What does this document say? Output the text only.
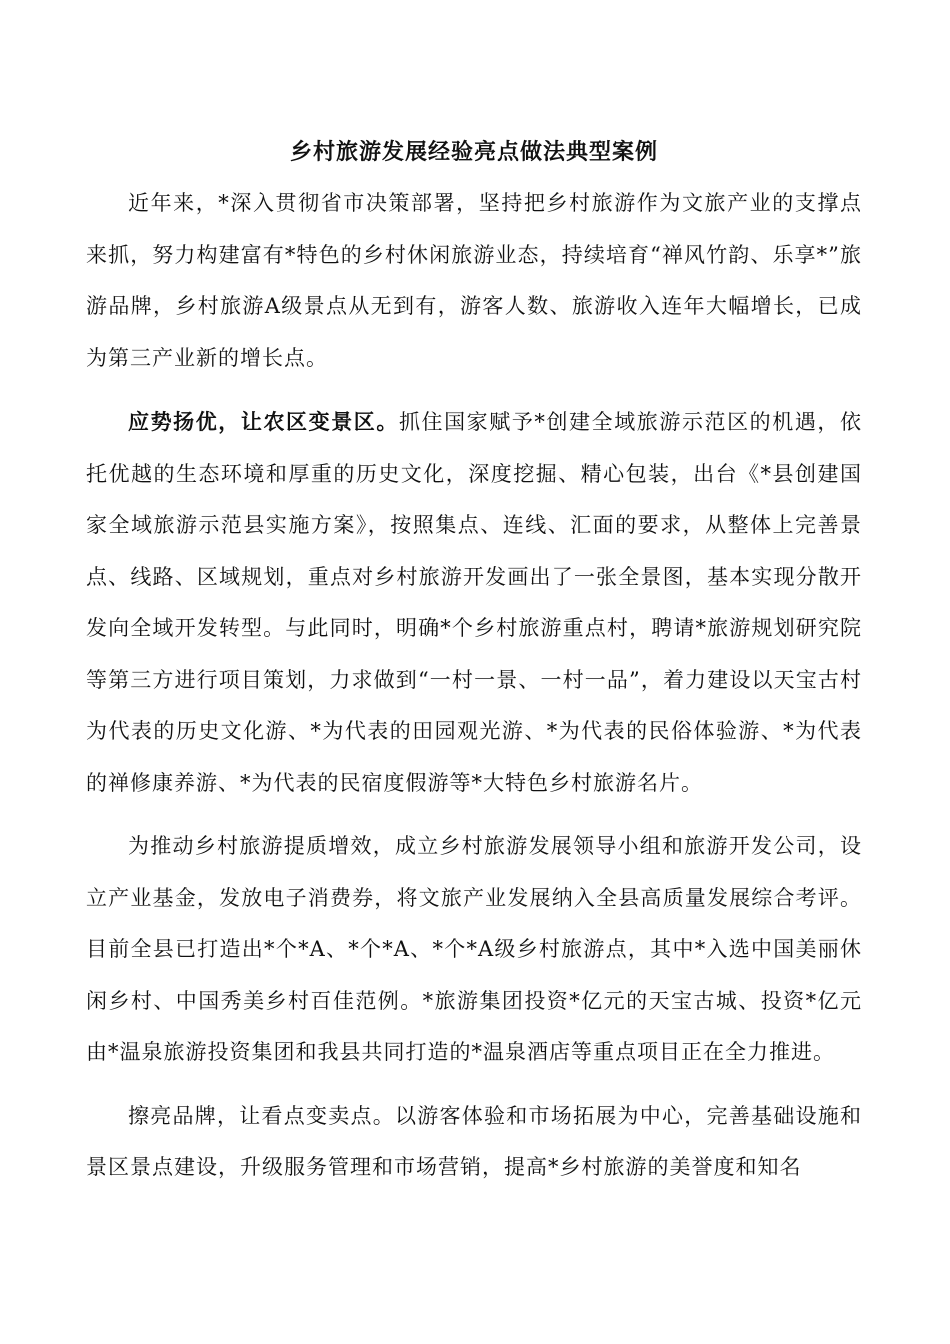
乡村旅游发展经验亮点做法典型案例

近年来，*深入贯彻省市决策部署，坚持把乡村旅游作为文旅产业的支撑点来抓，努力构建富有*特色的乡村休闲旅游业态，持续培育“禅风竹韵、乐享*”旅游品牌，乡村旅游A级景点从无到有，游客人数、旅游收入连年大幅增长，已成为第三产业新的增长点。

应势扬优，让农区变景区。抓住国家赋予*创建全域旅游示范区的机遇，依托优越的生态环境和厚重的历史文化，深度挖掘、精心包装，出台《*县创建国家全域旅游示范县实施方案》，按照集点、连线、汇面的要求，从整体上完善景点、线路、区域规划，重点对乡村旅游开发画出了一张全景图，基本实现分散开发向全域开发转型。与此同时，明确*个乡村旅游重点村，聘请*旅游规划研究院等第三方进行项目策划，力求做到“一村一景、一村一品”，着力建设以天宝古村为代表的历史文化游、*为代表的田园观光游、*为代表的民俗体验游、*为代表的禅修康养游、*为代表的民宿度假游等*大特色乡村旅游名片。

为推动乡村旅游提质增效，成立乡村旅游发展领导小组和旅游开发公司，设立产业基金，发放电子消费券，将文旅产业发展纳入全县高质量发展综合考评。目前全县已打造出*个*A、*个*A、*个*A级乡村旅游点，其中*入选中国美丽休闲乡村、中国秀美乡村百佳范例。*旅游集团投资*亿元的天宝古城、投资*亿元由*温泉旅游投资集团和我县共同打造的*温泉酒店等重点项目正在全力推进。

擦亮品牌，让看点变卖点。以游客体验和市场拓展为中心，完善基础设施和景区景点建设，升级服务管理和市场营销，提高*乡村旅游的美誉度和知名
